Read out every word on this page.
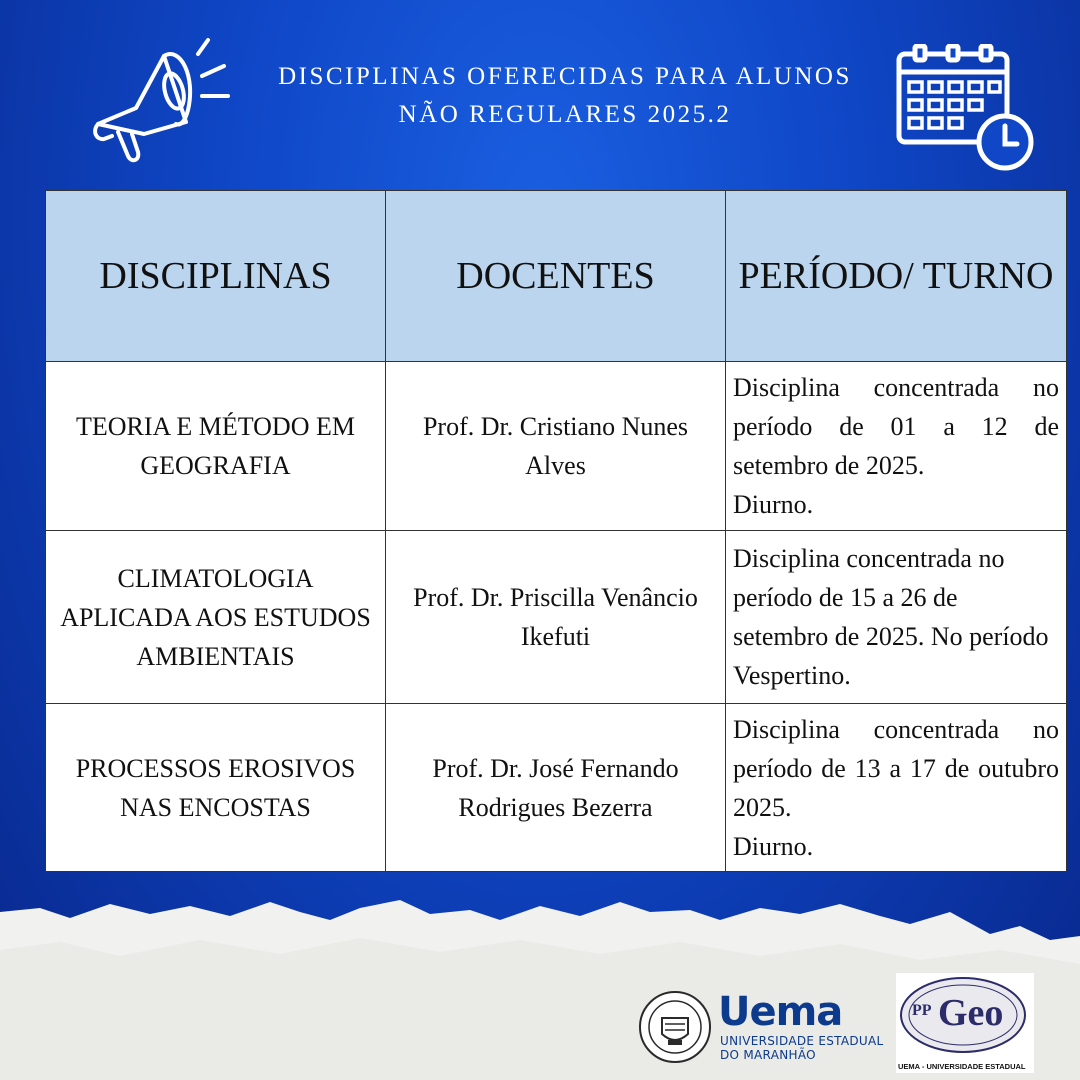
DISCIPLINAS OFERECIDAS PARA ALUNOS
NÃO REGULARES 2025.2
DISCIPLINAS	DOCENTES	PERÍODO/ TURNO
TEORIA E MÉTODO EM GEOGRAFIA	Prof. Dr. Cristiano Nunes Alves	Disciplina concentrada no período de 01 a 12 de setembro de 2025.
Diurno.

CLIMATOLOGIA APLICADA AOS ESTUDOS AMBIENTAIS	Prof. Dr. Priscilla Venâncio Ikefuti	Disciplina concentrada no período de 15 a 26 de setembro de 2025. No período Vespertino.

PROCESSOS EROSIVOS NAS ENCOSTAS	Prof. Dr. José Fernando Rodrigues Bezerra	Disciplina concentrada no período de 13 a 17 de outubro 2025.
Diurno.
Uema
UNIVERSIDADE ESTADUAL
DO MARANHÃO
PP Geo
UEMA - UNIVERSIDADE ESTADUAL
